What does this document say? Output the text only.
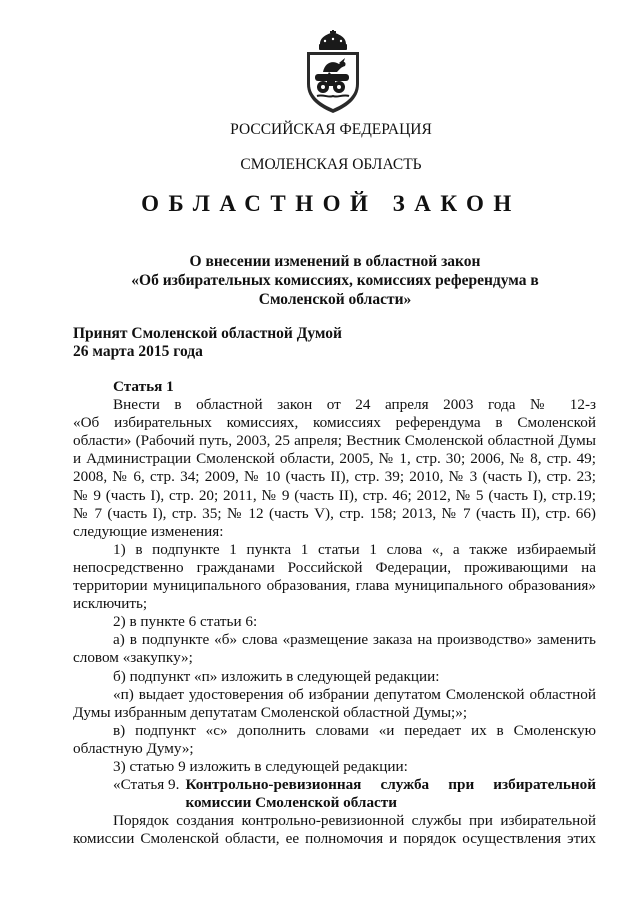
РОССИЙСКАЯ ФЕДЕРАЦИЯ
СМОЛЕНСКАЯ ОБЛАСТЬ
ОБЛАСТНОЙ ЗАКОН
О внесении изменений в областной закон
«Об избирательных комиссиях, комиссиях референдума в
Смоленской области»
Принят Смоленской областной Думой
26 марта 2015 года
Статья 1
Внести в областной закон от 24 апреля 2003 года № 12-з
«Об избирательных комиссиях, комиссиях референдума в Смоленской
области» (Рабочий путь, 2003, 25 апреля; Вестник Смоленской областной Думы
и Администрации Смоленской области, 2005, № 1, стр. 30; 2006, № 8, стр. 49;
2008, № 6, стр. 34; 2009, № 10 (часть II), стр. 39; 2010, № 3 (часть I), стр. 23;
№ 9 (часть I), стр. 20; 2011, № 9 (часть II), стр. 46; 2012, № 5 (часть I), стр.19;
№ 7 (часть I), стр. 35; № 12 (часть V), стр. 158; 2013, № 7 (часть II), стр. 66)
следующие изменения:
1) в подпункте 1 пункта 1 статьи 1 слова «, а также избираемый
непосредственно гражданами Российской Федерации, проживающими на
территории муниципального образования, глава муниципального образования»
исключить;
2) в пункте 6 статьи 6:
а) в подпункте «б» слова «размещение заказа на производство» заменить
словом «закупку»;
б) подпункт «п» изложить в следующей редакции:
«п) выдает удостоверения об избрании депутатом Смоленской областной
Думы избранным депутатам Смоленской областной Думы;»;
в) подпункт «с» дополнить словами «и передает их в Смоленскую
областную Думу»;
3) статью 9 изложить в следующей редакции:
«Статья 9. Контрольно-ревизионная служба при избирательной
комиссии Смоленской области
Порядок создания контрольно-ревизионной службы при избирательной
комиссии Смоленской области, ее полномочия и порядок осуществления этих
